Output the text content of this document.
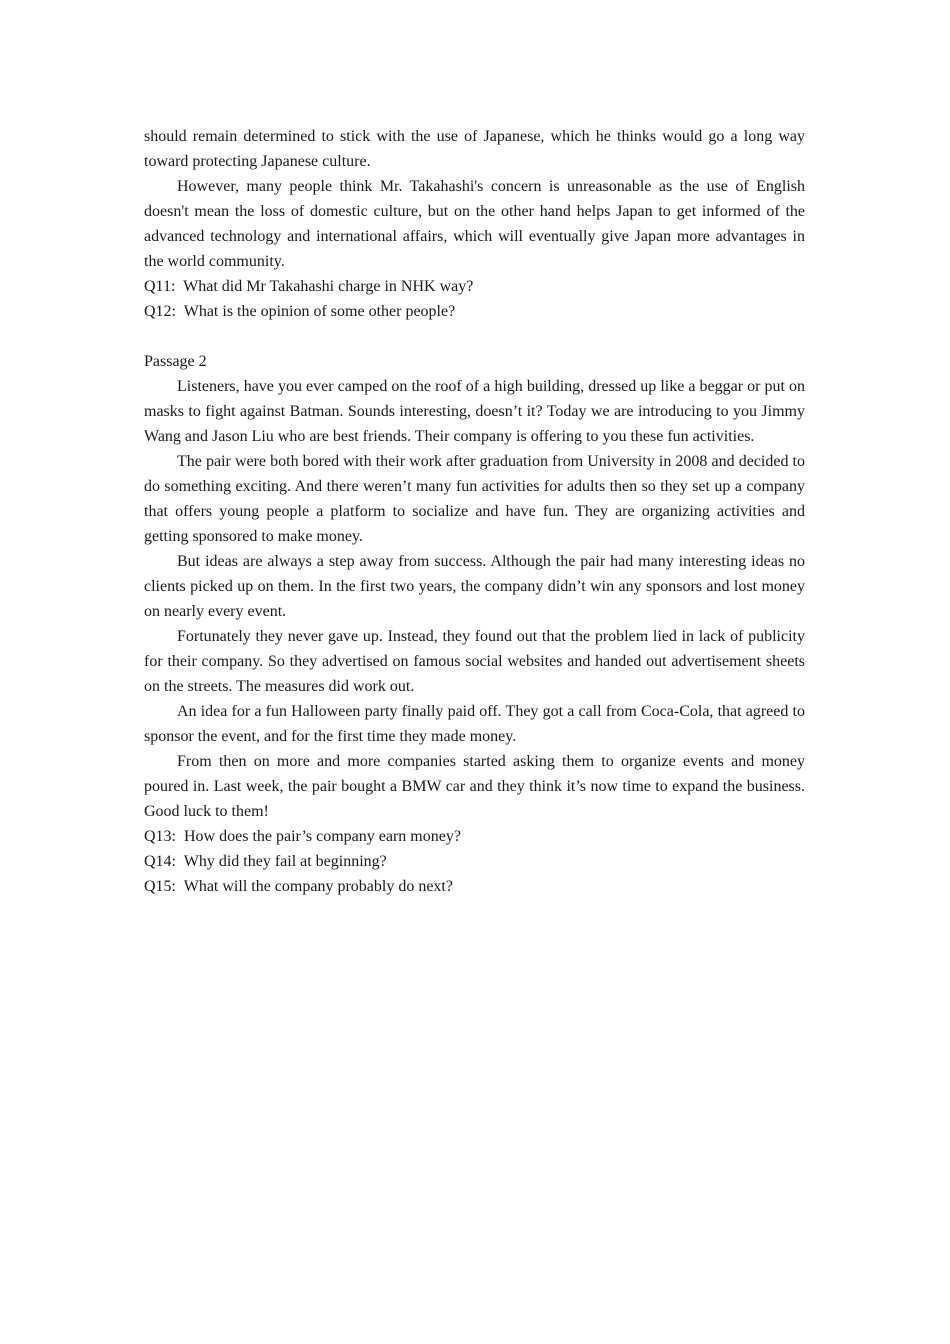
should remain determined to stick with the use of Japanese, which he thinks would go a long way toward protecting Japanese culture.

However, many people think Mr. Takahashi's concern is unreasonable as the use of English doesn't mean the loss of domestic culture, but on the other hand helps Japan to get informed of the advanced technology and international affairs, which will eventually give Japan more advantages in the world community.

Q11: What did Mr Takahashi charge in NHK way?

Q12: What is the opinion of some other people?

Passage 2

Listeners, have you ever camped on the roof of a high building, dressed up like a beggar or put on masks to fight against Batman. Sounds interesting, doesn’t it? Today we are introducing to you Jimmy Wang and Jason Liu who are best friends. Their company is offering to you these fun activities.

The pair were both bored with their work after graduation from University in 2008 and decided to do something exciting. And there weren’t many fun activities for adults then so they set up a company that offers young people a platform to socialize and have fun. They are organizing activities and getting sponsored to make money.

But ideas are always a step away from success. Although the pair had many interesting ideas no clients picked up on them. In the first two years, the company didn’t win any sponsors and lost money on nearly every event.

Fortunately they never gave up. Instead, they found out that the problem lied in lack of publicity for their company. So they advertised on famous social websites and handed out advertisement sheets on the streets. The measures did work out.

An idea for a fun Halloween party finally paid off. They got a call from Coca-Cola, that agreed to sponsor the event, and for the first time they made money.

From then on more and more companies started asking them to organize events and money poured in. Last week, the pair bought a BMW car and they think it’s now time to expand the business. Good luck to them!

Q13: How does the pair’s company earn money?

Q14: Why did they fail at beginning?

Q15: What will the company probably do next?
